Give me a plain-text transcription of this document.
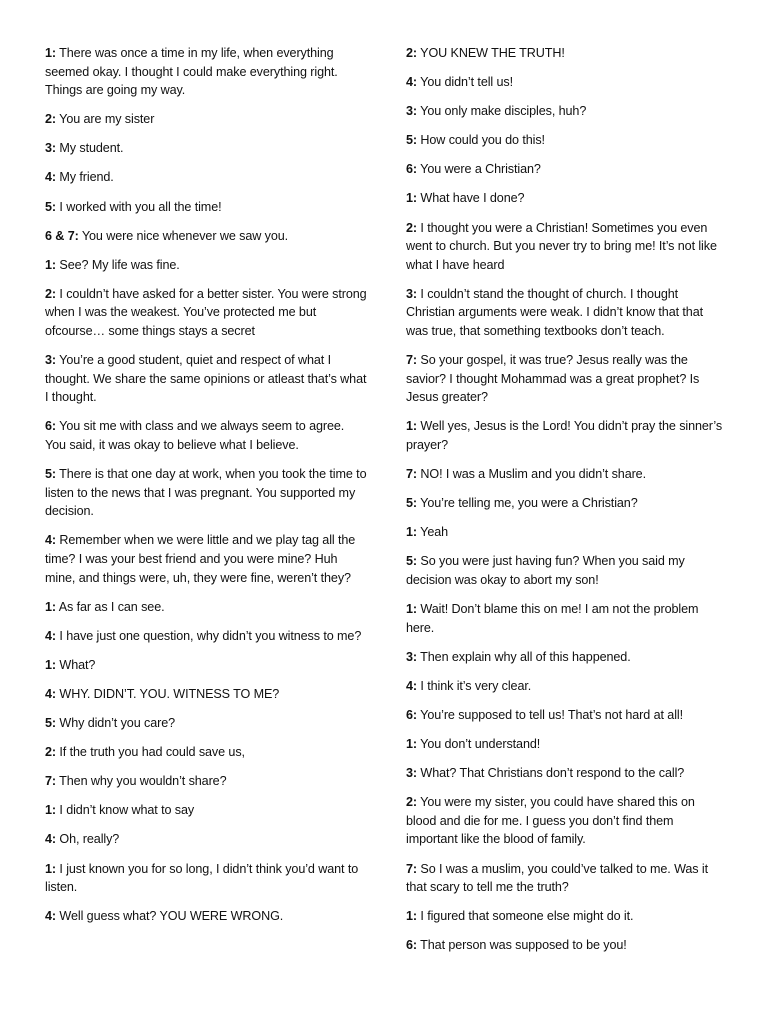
1: There was once a time in my life, when everything seemed okay. I thought I could make everything right. Things are going my way.

2: You are my sister

3: My student.

4: My friend.

5: I worked with you all the time!

6 & 7: You were nice whenever we saw you.

1: See? My life was fine.

2: I couldn’t have asked for a better sister. You were strong when I was the weakest. You’ve protected me but ofcourse… some things stays a secret

3: You’re a good student, quiet and respect of what I thought. We share the same opinions or atleast that’s what I thought.

6: You sit me with class and we always seem to agree. You said, it was okay to believe what I believe.

5: There is that one day at work, when you took the time to listen to the news that I was pregnant. You supported my decision.

4: Remember when we were little and we play tag all the time? I was your best friend and you were mine? Huh mine, and things were, uh, they were fine, weren’t they?

1: As far as I can see.

4: I have just one question, why didn’t you witness to me?

1: What?

4: WHY. DIDN’T. YOU. WITNESS TO ME?

5: Why didn’t you care?

2: If the truth you had could save us,

7: Then why you wouldn’t share?

1: I didn’t know what to say

4: Oh, really?

1: I just known you for so long, I didn’t think you’d want to listen.

4: Well guess what? YOU WERE WRONG.

2: YOU KNEW THE TRUTH!

4: You didn’t tell us!

3: You only make disciples, huh?

5: How could you do this!

6: You were a Christian?

1: What have I done?

2: I thought you were a Christian! Sometimes you even went to church. But you never try to bring me! It’s not like what I have heard

3: I couldn’t stand the thought of church. I thought Christian arguments were weak. I didn’t know that that was true, that something textbooks don’t teach.

7: So your gospel, it was true? Jesus really was the savior? I thought Mohammad was a great prophet? Is Jesus greater?

1: Well yes, Jesus is the Lord! You didn’t pray the sinner’s prayer?

7: NO! I was a Muslim and you didn’t share.

5: You’re telling me, you were a Christian?

1: Yeah

5: So you were just having fun? When you said my decision was okay to abort my son!

1: Wait! Don’t blame this on me! I am not the problem here.

3: Then explain why all of this happened.

4: I think it’s very clear.

6: You’re supposed to tell us! That’s not hard at all!

1: You don’t understand!

3: What? That Christians don’t respond to the call?

2: You were my sister, you could have shared this on blood and die for me. I guess you don’t find them important like the blood of family.

7: So I was a muslim, you could’ve talked to me. Was it that scary to tell me the truth?

1: I figured that someone else might do it.

6: That person was supposed to be you!
